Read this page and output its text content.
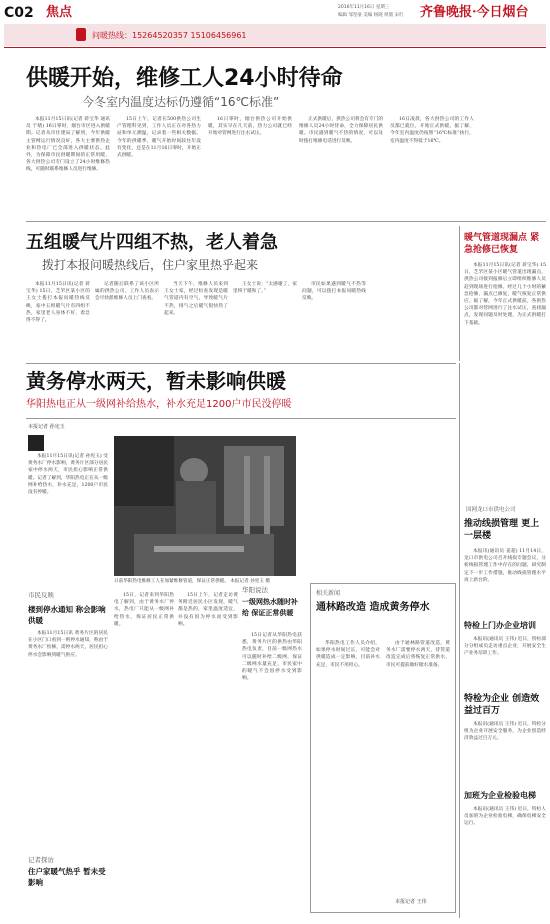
C02 焦点	2016年11月16日 星期三
编辑 邹坚豪 美编 杨晓 组版 宋红 齐鲁晚报·今日烟台
问暖热线：15264520357 15106456961
供暖开始，维修工人24小时待命
今冬室内温度达标仍遵循“16℃标准”
本报11月15日讯(记者 蒋宝华 通讯员 于婧) 16日零时，烟台市区进入供暖期。记者从市住建局了解到，今年供暖主管网运行情况良好，各大主要供热企业和热电厂已全部进入供暖状态。此外，为保障市民供暖期间的正常用暖，各大供热公司专门设立了24小时维修热线，可随时联系维修人员进行维修。
15日上午，记者在500供热公司生产管理科见到，工作人员正在对各热力站和单元测温，记录着一些相关数据。今年的供暖季，暖气开始时间较往年没有变化，还是在11月16日零时，开始正式供暖。
16日零时，烟台供热公司开始供暖，其实早在几天前，热力公司就已经开始对管网进行注水试压。
正式供暖后，供热公司将会有专门的维修人员24小时待命，全力保障居民供暖。市民遇到暖气不热的情况，可以及时拨打维修电话进行反映。
16日凌晨，各大供热公司的工作人员都已就位，开始正式供暖。据了解，今年室内温度仍按照“16℃标准”执行，室内温度不得低于16℃。
五组暖气片四组不热，老人着急
拨打本报问暖热线后，住户家里热乎起来
本报11月15日讯(记者 蒋宝华) 15日，芝罘区某小区的王女士拨打本报问暖热线反映，家中五组暖气片有四组不热，家里老人身体不好，着急得不得了。
记者随后联系了该小区所属的供热公司，工作人员表示会尽快派维修人员上门查看。
当天下午，维修人员来到王女士家，经过检查发现是暖气管道内有空气，导致暖气片不热，排气之后暖气很快热了起来。
王女士说：“太感谢了，家里终于暖和了。”
市民如果遇到暖气不热等问题，可以拨打本报问暖热线反映。
暖气管道现漏点 紧急抢修已恢复
本报11月15日讯(记者 蒋宝华) 15日，芝罘区某小区暖气管道出现漏点，供热公司接到报修后立即组织维修人员赶到现场进行抢修。经过几个小时的紧急抢修，漏点已修复，暖气恢复正常供应。据了解，今年正式供暖前，各供热公司都对管网进行了注水试压，查找漏点，发现问题及时处理，为正式供暖打下基础。
黄务停水两天，暂未影响供暖
华阳热电正从一级网补给热水，补水充足1200户市民没停暖
本报记者 孙宪玉
本报11月15日讯(记者 孙宪玉) 受黄务水厂停水影响，黄务片区部分居民家中停水两天，市民担心影响正常供暖。记者了解到，华阳热电正在从一级网补给热水，补水充足，1200户市民没有停暖。
日前华阳热电维修工人在加紧维修管道，保证正常供暖。 本报记者 孙宪玉 摄
市民反映
楼到停水通知 称会影响供暖
本报11月15日讯 黄务片区的居民在小区门口看到一则停水通知，称由于黄务水厂检修，需停水两天，居民担心停水会影响到暖气供应。
记者探访
住户家暖气热乎 暂未受影响
15日，记者来到华阳热电了解到，由于黄务水厂停水，热电厂只能从一级网补给热水，保证居民正常供暖。
15日上午，记者走访黄务附近居民小区发现，暖气都是热的，家里温度适宜，并没有因为停水而受到影响。
华阳说法
一级网热水随时补给 保证正常供暖
15日记者从华阳热电获悉，黄务片区的供热由华阳热电负责，目前一级网热水可以随时补给二级网，保证二级网水量充足，市民家中的暖气不会因停水受到影响。
相关新闻
通林路改造 造成黄务停水
华阳热电工作人员介绍，如果停水时间过长，可能会对供暖造成一定影响，目前补水充足，市民不用担心。
由于通林路管道改造，黄务水厂需要停水两天，待管道改造完成后将恢复正常供水，市民可提前做好储水准备。
本报记者 王伟
国网龙口市供电公司
推动线损管理 更上一层楼
本报讯(通讯员 姜超) 11月14日，龙口市供电公司召开线损专题会议，分析线损管理工作中存在的问题，研究制定下一步工作措施，推动线损管理水平再上新台阶。
特检上门办企业培训
本报讯(通讯员 王伟) 近日，特检部分分组成员走访重点企业，开展安全生产业务培训工作。
特检为企业 创造效益过百万
本报讯(通讯员 王伟) 近日，特检分组为企业开展安全服务，为企业创造经济效益过百万元。
加班为企业检验电梯
本报讯(通讯员 王伟) 近日，特检人员加班为企业检验电梯，确保电梯安全运行。
